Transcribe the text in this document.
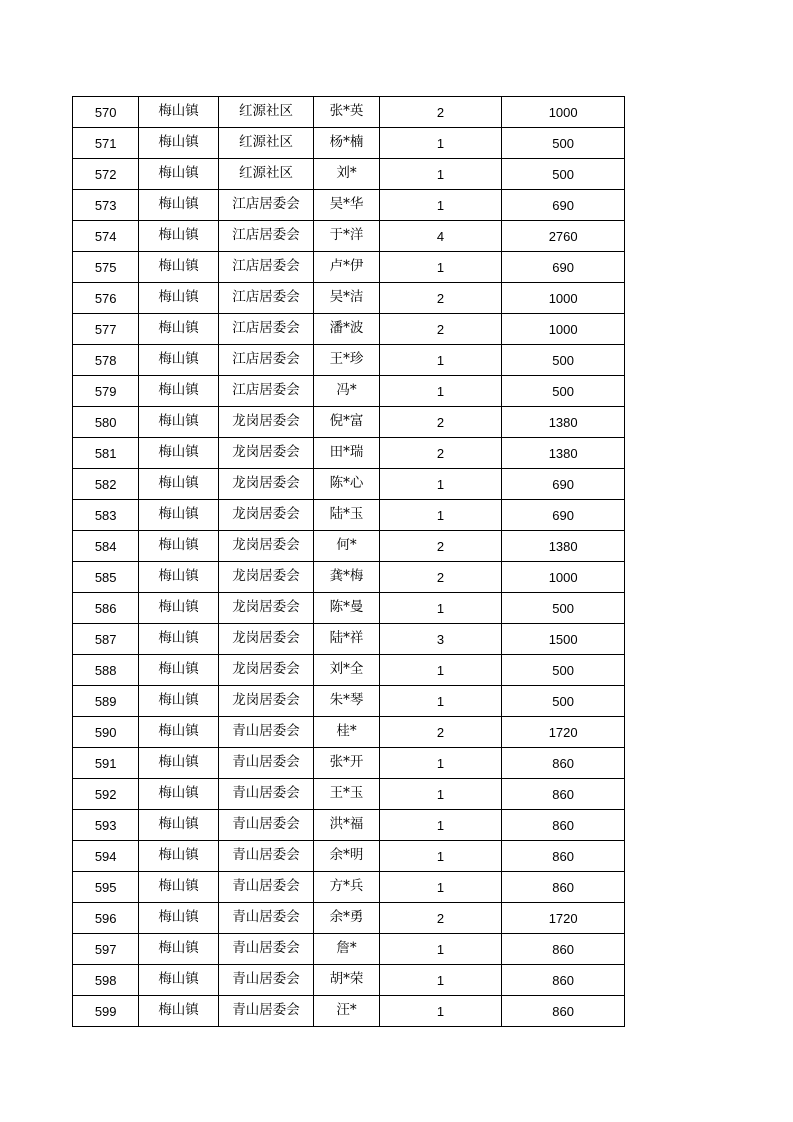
570	梅山镇	红源社区	张*英	2	1000
571	梅山镇	红源社区	杨*楠	1	500
572	梅山镇	红源社区	刘*	1	500
573	梅山镇	江店居委会	吴*华	1	690
574	梅山镇	江店居委会	于*洋	4	2760
575	梅山镇	江店居委会	卢*伊	1	690
576	梅山镇	江店居委会	吴*洁	2	1000
577	梅山镇	江店居委会	潘*波	2	1000
578	梅山镇	江店居委会	王*珍	1	500
579	梅山镇	江店居委会	冯*	1	500
580	梅山镇	龙岗居委会	倪*富	2	1380
581	梅山镇	龙岗居委会	田*瑞	2	1380
582	梅山镇	龙岗居委会	陈*心	1	690
583	梅山镇	龙岗居委会	陆*玉	1	690
584	梅山镇	龙岗居委会	何*	2	1380
585	梅山镇	龙岗居委会	龚*梅	2	1000
586	梅山镇	龙岗居委会	陈*曼	1	500
587	梅山镇	龙岗居委会	陆*祥	3	1500
588	梅山镇	龙岗居委会	刘*全	1	500
589	梅山镇	龙岗居委会	朱*琴	1	500
590	梅山镇	青山居委会	桂*	2	1720
591	梅山镇	青山居委会	张*开	1	860
592	梅山镇	青山居委会	王*玉	1	860
593	梅山镇	青山居委会	洪*福	1	860
594	梅山镇	青山居委会	余*明	1	860
595	梅山镇	青山居委会	方*兵	1	860
596	梅山镇	青山居委会	余*勇	2	1720
597	梅山镇	青山居委会	詹*	1	860
598	梅山镇	青山居委会	胡*荣	1	860
599	梅山镇	青山居委会	汪*	1	860
